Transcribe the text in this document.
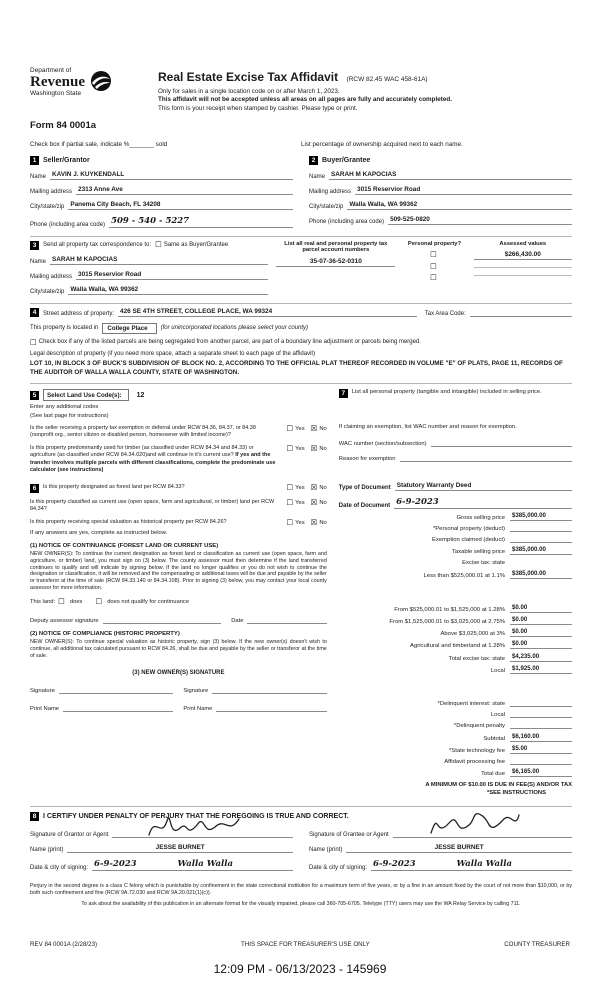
Department of
Revenue
Washington State
Real Estate Excise Tax Affidavit (RCW 82.45 WAC 458-61A)
Only for sales in a single location code on or after March 1, 2023.
This affidavit will not be accepted unless all areas on all pages are fully and accurately completed.
This form is your receipt when stamped by cashier. Please type or print.
Form 84 0001a
Check box if partial sale, indicate %_______ sold	List percentage of ownership acquired next to each name.
1 Seller/Grantor
Name KAVIN J. KUYKENDALL
Mailing address 2313 Anne Ave
City/state/zip Panema City Beach, FL 34208
Phone (including area code) 509 - 540 - 5227
2 Buyer/Grantee
Name SARAH M KAPOCIAS
Mailing address 3015 Reservior Road
City/state/zip Walla Walla, WA 99362
Phone (including area code) 509-525-0820
3	Send all property tax correspondence to: ☐ Same as Buyer/Grantee
Name SARAH M KAPOCIAS
Mailing address 3015 Reservior Road
City/state/zip Walla Walla, WA 99362
List all real and personal property tax parcel account numbers
35-07-36-52-0310
Personal property?
☐
☐
☐
Assessed values
$266,430.00
4	Street address of property: 426 SE 4TH STREET, COLLEGE PLACE, WA 99324	Tax Area Code:
This property is located in	College Place	(for unincorporated locations please select your county)
☐ Check box if any of the listed parcels are being segregated from another parcel, are part of a boundary line adjustment or parcels being merged.
Legal description of property (if you need more space, attach a separate sheet to each page of the affidavit)
LOT 10, IN BLOCK 3 OF BUCK'S SUBDIVISION OF BLOCK NO. 2, ACCORDING TO THE OFFICIAL PLAT THEREOF RECORDED IN VOLUME "E" OF PLATS, PAGE 11, RECORDS OF THE AUDITOR OF WALLA WALLA COUNTY, STATE OF WASHINGTON.
5	Select Land Use Code(s):	12
Enter any additional codes
(See last page for instructions)
Is the seller receiving a property tax exemption or deferral under RCW 84.36, 84.37, or 84.38 (nonprofit org., senior citizen or disabled person, homeowner with limited income)?
☐ Yes ☒ No
Is this property predominantly used for timber (as classified under RCW 84.34 and 84.33) or agriculture (as classified under RCW 84.34.020)and will continue in it's current use? If yes and the transfer involves multiple parcels with different classifications, complete the predominate use calculator (see instructions)
☐ Yes ☒ No
6	Is this property designated as forest land per RCW 84.33?	☐ Yes ☒ No
Is this property classified as current use (open space, farm and agricultural, or timber) land per RCW 84.34?
☐ Yes ☒ No
Is this property receiving special valuation as historical property per RCW 84.26?	☐ Yes ☒ No
If any answers are yes, complete as instructed below.
(1) NOTICE OF CONTINUANCE (FOREST LAND OR CURRENT USE)
NEW OWNER(S): To continue the current designation as forest land or classification as current use (open space, farm and agriculture, or timber) land, you must sign on (3) below. The county assessor must then determine if the land transferred continues to qualify and will indicate by signing below. If the land no longer qualifies or you do not wish to continue the designation or classification, it will be removed and the compensating or additional taxes will be due and payable by the seller or transferor at the time of sale (RCW 84.33.140 or 84.34.108). Prior to signing (3) below, you may contact your local county assessor for more information.
This land: ☐ does ☐ does not qualify for continuance
Deputy assessor signature	Date
(2) NOTICE OF COMPLIANCE (HISTORIC PROPERTY)
NEW OWNER(S): To continue special valuation as historic property, sign (3) below. If the new owner(s) doesn't wish to continue, all additional tax calculated pursuant to RCW 84.26, shall be due and payable by the seller or transferor at the time of sale.
(3) NEW OWNER(S) SIGNATURE
Signature	Signature
Print Name	Print Name
7	List all personal property (tangible and intangible) included in selling price.
If claiming an exemption, list WAC number and reason for exemption.
WAC number (section/subsection)
Reason for exemption
Type of Document Statutory Warranty Deed
Date of Document 6-9-2023
Gross selling price	$385,000.00
*Personal property (deduct)
Exemption claimed (deduct)
Taxable selling price	$385,000.00
Excise tax: state
Less than $525,000.01 at 1.1%	$385,000.00
From $525,000.01 to $1,525,000 at 1.28%	$0.00
From $1,525,000.01 to $3,025,000 at 2.75%	$0.00
Above $3,025,000 at 3%	$0.00
Agricultural and timberland at 1.28%	$0.00
Total excise tax: state	$4,235.00
Local	$1,925.00
*Delinquent interest: state
Local
*Delinquent penalty
Subtotal	$6,160.00
*State technology fee	$5.00
Affidavit processing fee
Total due	$6,165.00
A MINIMUM OF $10.00 IS DUE IN FEE(S) AND/OR TAX
*SEE INSTRUCTIONS
8 I CERTIFY UNDER PENALTY OF PERJURY THAT THE FOREGOING IS TRUE AND CORRECT.
Signature of Grantor or Agent
Name (print)	JESSE BURNET
Date & city of signing: 6-9-2023	Walla Walla
Signature of Grantee or Agent
Name (print)	JESSE BURNET
Date & city of signing: 6-9-2023	Walla Walla
Perjury in the second degree is a class C felony which is punishable by confinement in the state correctional institution for a maximum term of five years, or by a fine in an amount fixed by the court of not more than $10,000, or by both such confinement and fine (RCW 9A.72.030 and RCW 9A.20.021(1)(c)).
To ask about the availability of this publication in an alternate format for the visually impaired, please call 360-705-6705. Teletype (TTY) users may use the WA Relay Service by calling 711.
REV 84 0001A (2/28/23)	THIS SPACE FOR TREASURER'S USE ONLY	COUNTY TREASURER
12:09 PM - 06/13/2023 - 145969
